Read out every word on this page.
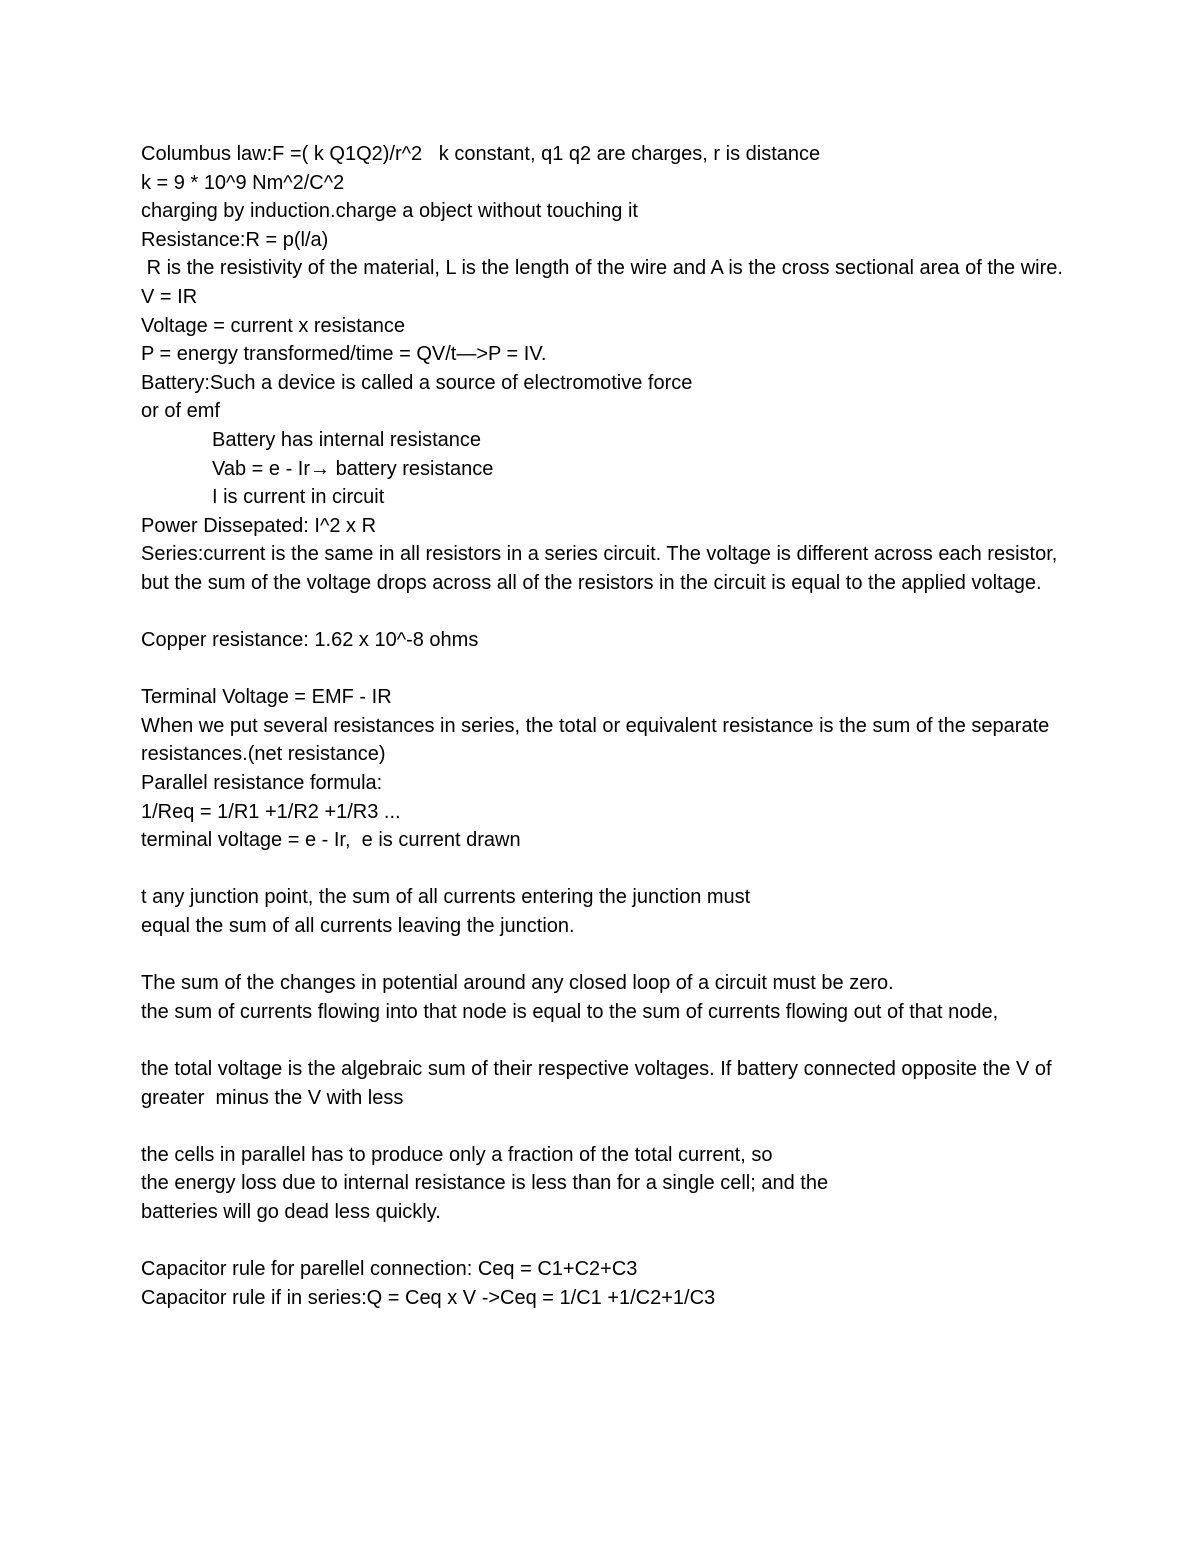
Columbus law:F =( k Q1Q2)/r^2   k constant, q1 q2 are charges, r is distance
k = 9 * 10^9 Nm^2/C^2
charging by induction.charge a object without touching it
Resistance:R = p(l/a)
R is the resistivity of the material, L is the length of the wire and A is the cross sectional area of the wire.
V = IR
Voltage = current x resistance
P = energy transformed/time = QV/t—>P = IV.
Battery:Such a device is called a source of electromotive force
or of emf
Battery has internal resistance
Vab = e - Ir→ battery resistance
I is current in circuit
Power Dissepated: I^2 x R
Series:current is the same in all resistors in a series circuit. The voltage is different across each resistor, but the sum of the voltage drops across all of the resistors in the circuit is equal to the applied voltage.
Copper resistance: 1.62 x 10^-8 ohms
Terminal Voltage = EMF - IR
When we put several resistances in series, the total or equivalent resistance is the sum of the separate resistances.(net resistance)
Parallel resistance formula:
1/Req = 1/R1 +1/R2 +1/R3 ...
terminal voltage = e - Ir,  e is current drawn
t any junction point, the sum of all currents entering the junction must
equal the sum of all currents leaving the junction.
The sum of the changes in potential around any closed loop of a circuit must be zero.
the sum of currents flowing into that node is equal to the sum of currents flowing out of that node,
the total voltage is the algebraic sum of their respective voltages. If battery connected opposite the V of greater  minus the V with less
the cells in parallel has to produce only a fraction of the total current, so
the energy loss due to internal resistance is less than for a single cell; and the
batteries will go dead less quickly.
Capacitor rule for parellel connection: Ceq = C1+C2+C3
Capacitor rule if in series:Q = Ceq x V ->Ceq = 1/C1 +1/C2+1/C3
